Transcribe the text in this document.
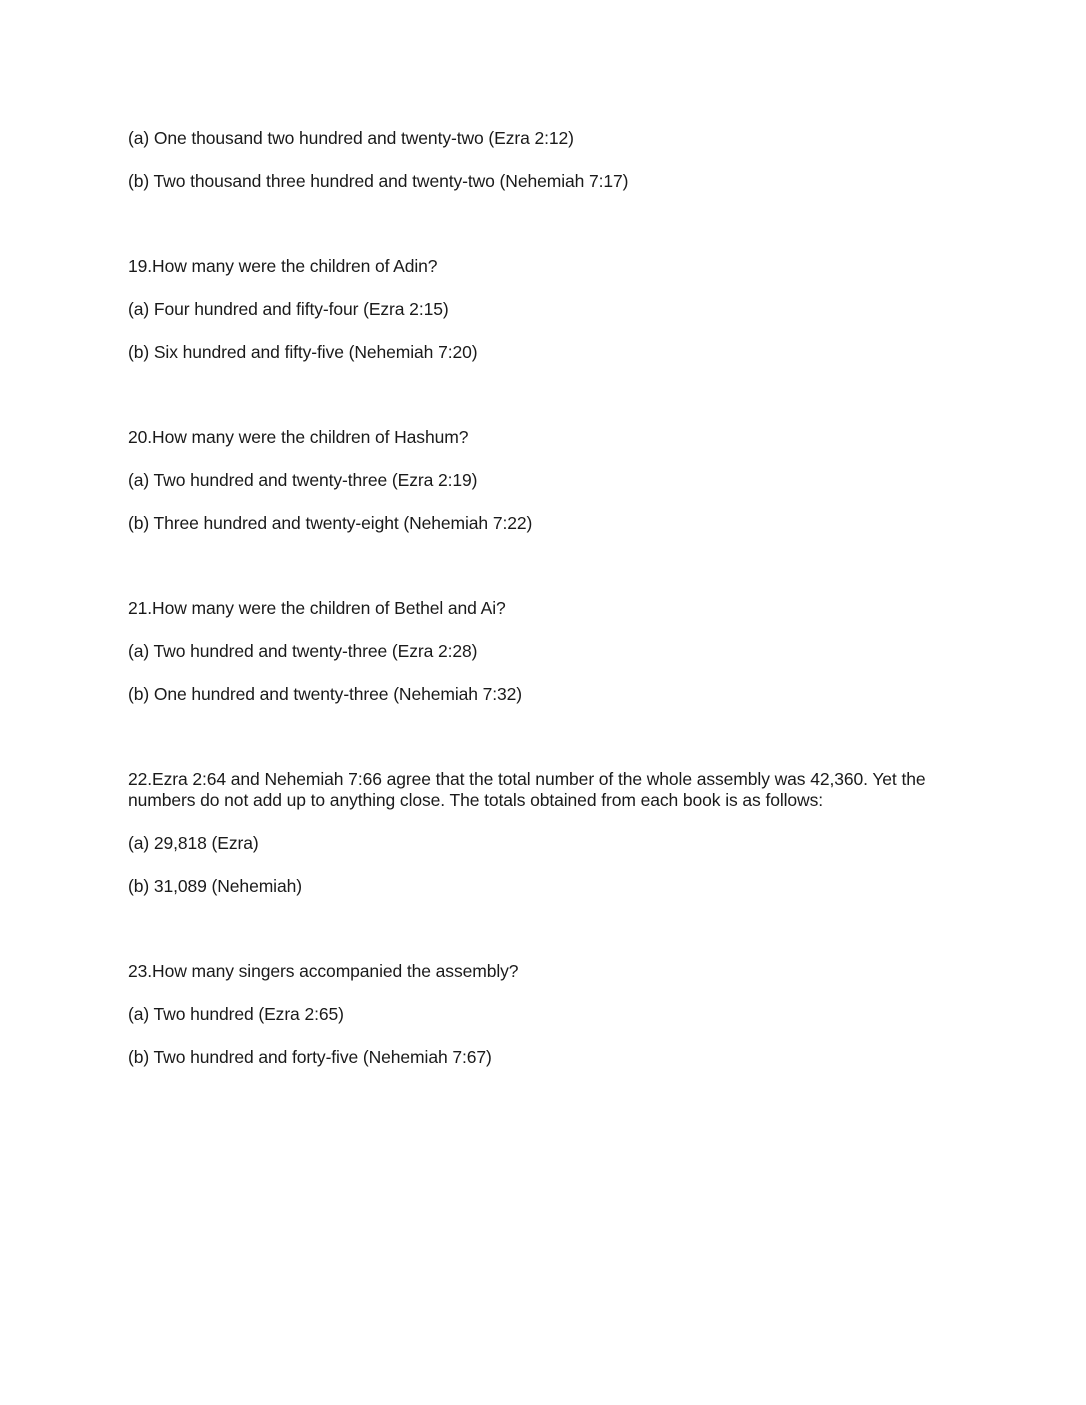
(a) One thousand two hundred and twenty-two (Ezra 2:12)

(b) Two thousand three hundred and twenty-two (Nehemiah 7:17)

19.How many were the children of Adin?

(a) Four hundred and fifty-four (Ezra 2:15)

(b) Six hundred and fifty-five (Nehemiah 7:20)

20.How many were the children of Hashum?

(a) Two hundred and twenty-three (Ezra 2:19)

(b) Three hundred and twenty-eight (Nehemiah 7:22)

21.How many were the children of Bethel and Ai?

(a) Two hundred and twenty-three (Ezra 2:28)

(b) One hundred and twenty-three (Nehemiah 7:32)

22.Ezra 2:64 and Nehemiah 7:66 agree that the total number of the whole assembly was 42,360. Yet the numbers do not add up to anything close. The totals obtained from each book is as follows:

(a) 29,818 (Ezra)

(b) 31,089 (Nehemiah)

23.How many singers accompanied the assembly?

(a) Two hundred (Ezra 2:65)

(b) Two hundred and forty-five (Nehemiah 7:67)
